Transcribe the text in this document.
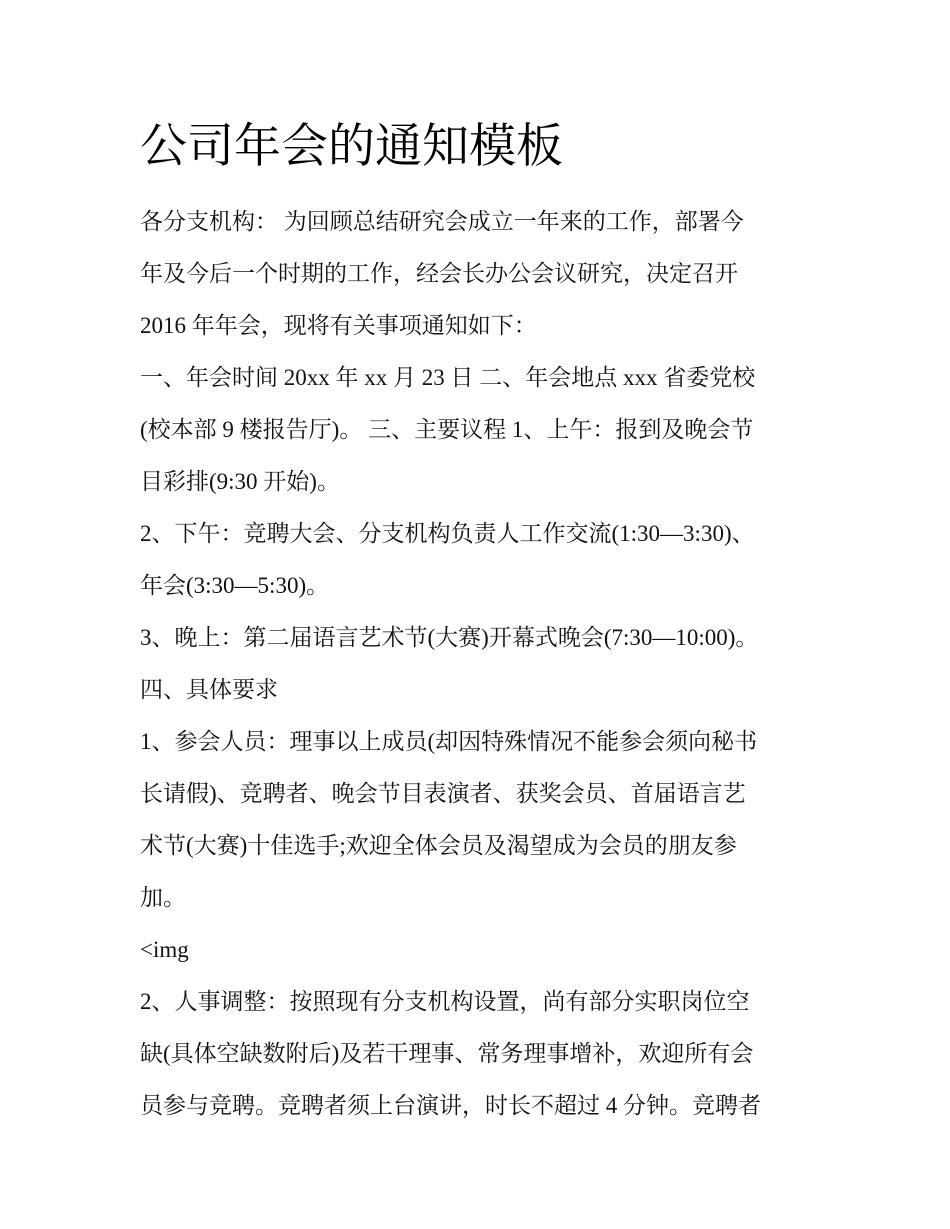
公司年会的通知模板
各分支机构： 为回顾总结研究会成立一年来的工作，部署今
年及今后一个时期的工作，经会长办公会议研究，决定召开
2016 年年会，现将有关事项通知如下：
一、年会时间 20xx 年 xx 月 23 日 二、年会地点 xxx 省委党校
(校本部 9 楼报告厅)。 三、主要议程 1、上午：报到及晚会节
目彩排(9:30 开始)。
2、下午：竞聘大会、分支机构负责人工作交流(1:30—3:30)、
年会(3:30—5:30)。
3、晚上：第二届语言艺术节(大赛)开幕式晚会(7:30—10:00)。
四、具体要求
1、参会人员：理事以上成员(却因特殊情况不能参会须向秘书
长请假)、竞聘者、晚会节目表演者、获奖会员、首届语言艺
术节(大赛)十佳选手;欢迎全体会员及渴望成为会员的朋友参
加。
<img
2、人事调整：按照现有分支机构设置，尚有部分实职岗位空
缺(具体空缺数附后)及若干理事、常务理事增补，欢迎所有会
员参与竞聘。竞聘者须上台演讲，时长不超过 4 分钟。竞聘者
